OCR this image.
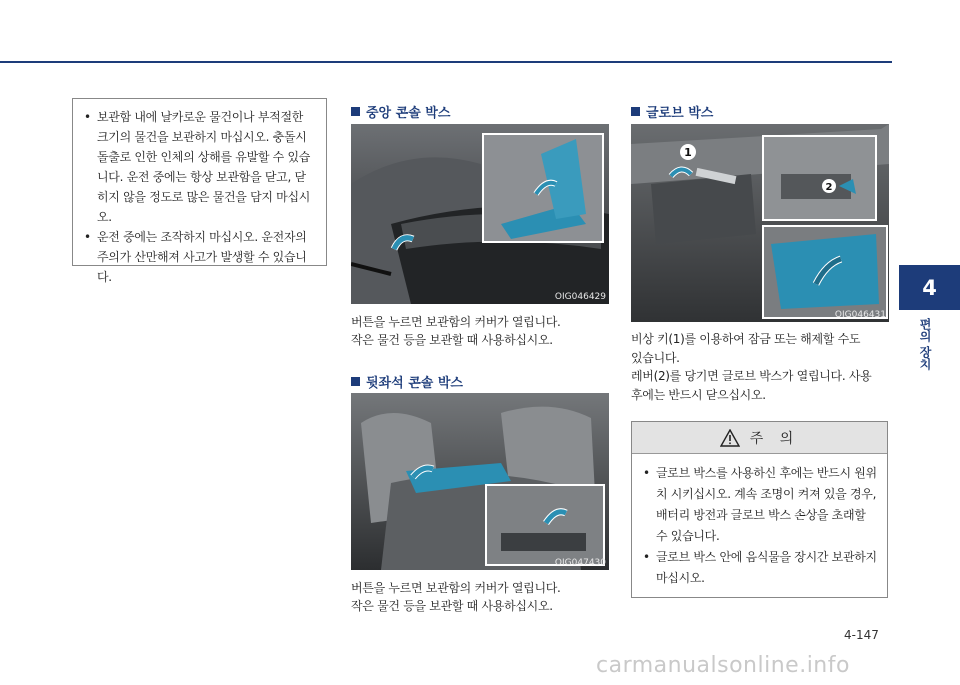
4
편의 장치
• 보관함 내에 날카로운 물건이나 부적절한 크기의 물건을 보관하지 마십시오. 충돌시 돌출로 인한 인체의 상해를 유발할 수 있습니다. 운전 중에는 항상 보관함을 닫고, 닫히지 않을 정도로 많은 물건을 담지 마십시오.
• 운전 중에는 조작하지 마십시오. 운전자의 주의가 산만해져 사고가 발생할 수 있습니다.
중앙 콘솔 박스
OIG046429
버튼을 누르면 보관함의 커버가 열립니다.
작은 물건 등을 보관할 때 사용하십시오.
뒷좌석 콘솔 박스
OIG047430
버튼을 누르면 보관함의 커버가 열립니다.
작은 물건 등을 보관할 때 사용하십시오.
글로브 박스
1
2
OIG046431
비상 키(1)를 이용하여 잠금 또는 해제할 수도
있습니다.
레버(2)를 당기면 글로브 박스가 열립니다. 사용
후에는 반드시 닫으십시오.
주 의
• 글로브 박스를 사용하신 후에는 반드시 원위치 시키십시오. 계속 조명이 켜져 있을 경우, 배터리 방전과 글로브 박스 손상을 초래할 수 있습니다.
• 글로브 박스 안에 음식물을 장시간 보관하지 마십시오.
4-147
carmanualsonline.info
